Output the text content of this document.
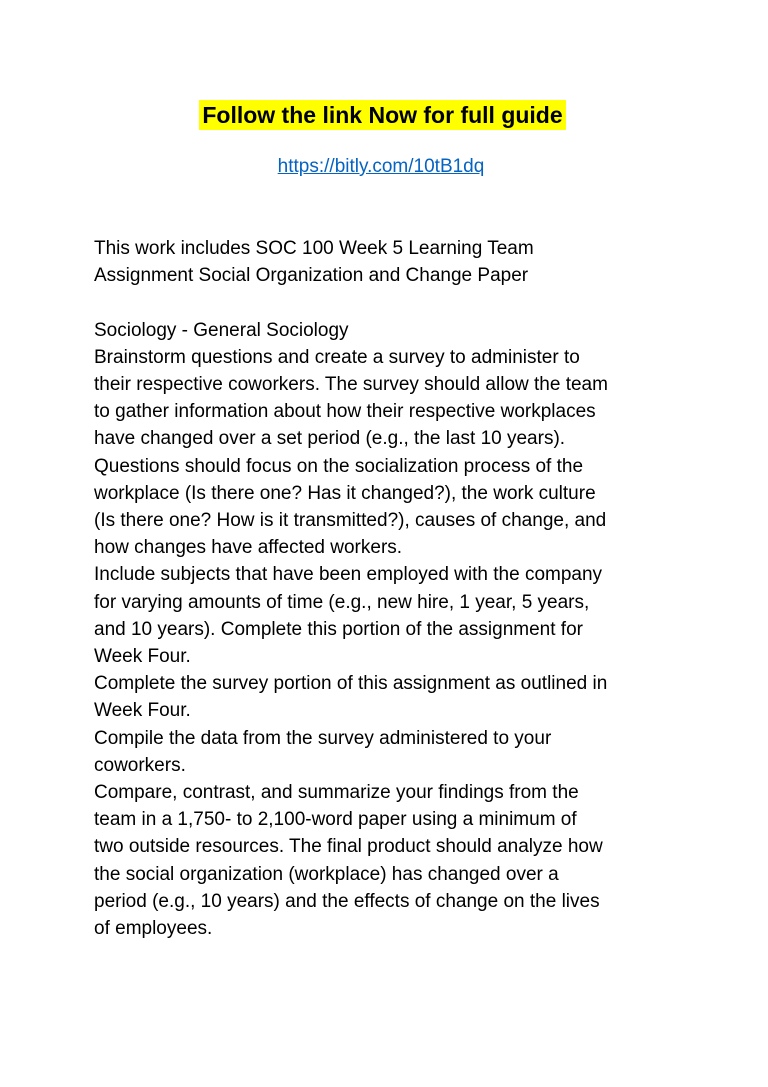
Follow the link Now for full guide
https://bitly.com/10tB1dq
This work includes SOC 100 Week 5 Learning Team
Assignment Social Organization and Change Paper
Sociology - General Sociology
Brainstorm questions and create a survey to administer to
their respective coworkers. The survey should allow the team
to gather information about how their respective workplaces
have changed over a set period (e.g., the last 10 years).
Questions should focus on the socialization process of the
workplace (Is there one? Has it changed?), the work culture
(Is there one? How is it transmitted?), causes of change, and
how changes have affected workers.
Include subjects that have been employed with the company
for varying amounts of time (e.g., new hire, 1 year, 5 years,
and 10 years). Complete this portion of the assignment for
Week Four.
Complete the survey portion of this assignment as outlined in
Week Four.
Compile the data from the survey administered to your
coworkers.
Compare, contrast, and summarize your findings from the
team in a 1,750- to 2,100-word paper using a minimum of
two outside resources. The final product should analyze how
the social organization (workplace) has changed over a
period (e.g., 10 years) and the effects of change on the lives
of employees.
